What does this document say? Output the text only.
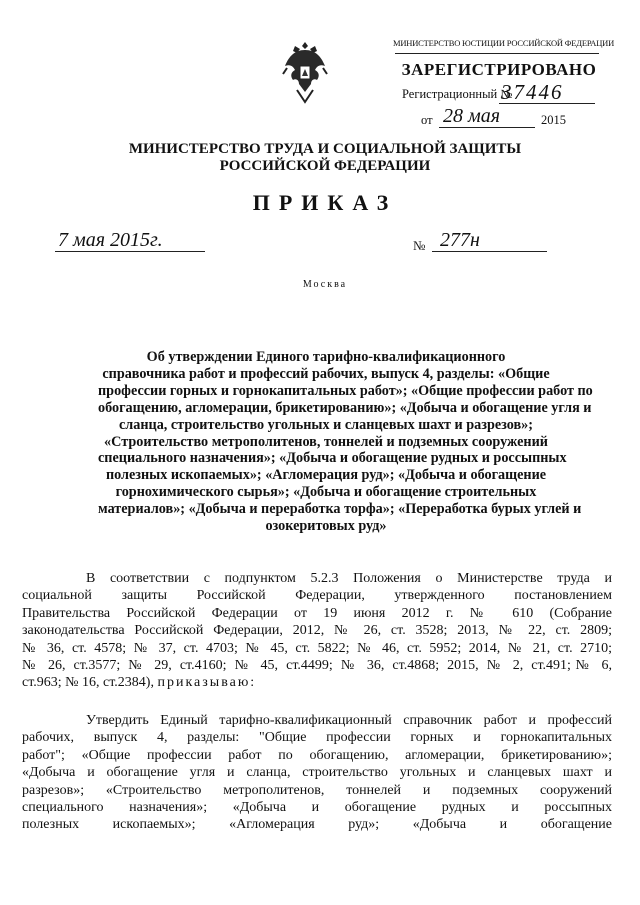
МИНИСТЕРСТВО ЮСТИЦИИ РОССИЙСКОЙ ФЕДЕРАЦИИ
ЗАРЕГИСТРИРОВАНО
Регистрационный №
37446
от 28 мая	2015
МИНИСТЕРСТВО ТРУДА И СОЦИАЛЬНОЙ ЗАЩИТЫ
РОССИЙСКОЙ ФЕДЕРАЦИИ
ПРИКАЗ
7 мая 2015г.	№ 277н
Москва
Об утверждении Единого тарифно-квалификационного
справочника работ и профессий рабочих, выпуск 4, разделы: «Общие
профессии горных и горнокапитальных работ»; «Общие профессии работ по
обогащению, агломерации, брикетированию»; «Добыча и обогащение угля и
сланца, строительство угольных и сланцевых шахт и разрезов»;
«Строительство метрополитенов, тоннелей и подземных сооружений
специального назначения»; «Добыча и обогащение рудных и россыпных
полезных ископаемых»; «Агломерация руд»; «Добыча и обогащение
горнохимического сырья»; «Добыча и обогащение строительных
материалов»; «Добыча и переработка торфа»; «Переработка бурых углей и
озокеритовых руд»
В соответствии с подпунктом 5.2.3 Положения о Министерстве труда и
социальной защиты Российской Федерации, утвержденного постановлением
Правительства Российской Федерации от 19 июня 2012 г. № 610 (Собрание
законодательства Российской Федерации, 2012, № 26, ст. 3528; 2013, № 22, ст. 2809;
№ 36, ст. 4578; № 37, ст. 4703; № 45, ст. 5822; № 46, ст. 5952; 2014, № 21, ст. 2710;
№ 26, ст.3577; № 29, ст.4160; № 45, ст.4499; № 36, ст.4868; 2015, № 2, ст.491;№ 6,
ст.963; № 16, ст.2384), приказываю:
Утвердить Единый тарифно-квалификационный справочник работ и профессий
рабочих, выпуск 4, разделы: "Общие профессии горных и горнокапитальных
работ"; «Общие профессии работ по обогащению, агломерации, брикетированию»;
«Добыча и обогащение угля и сланца, строительство угольных и сланцевых шахт и
разрезов»; «Строительство метрополитенов, тоннелей и подземных сооружений
специального назначения»; «Добыча и обогащение рудных и россыпных
полезных ископаемых»; «Агломерация руд»; «Добыча и обогащение
